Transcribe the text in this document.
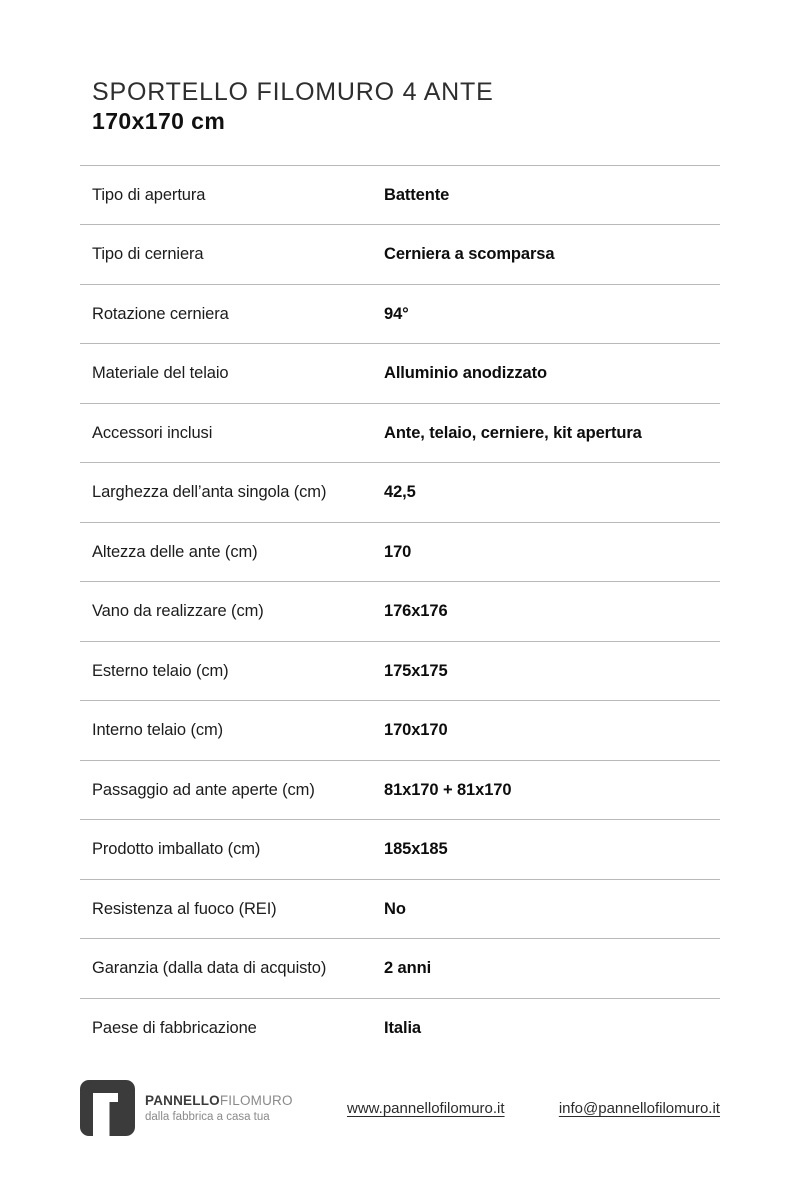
SPORTELLO FILOMURO 4 ANTE
170x170 cm
Tipo di apertura	Battente
Tipo di cerniera	Cerniera a scomparsa
Rotazione cerniera	94°
Materiale del telaio	Alluminio anodizzato
Accessori inclusi	Ante, telaio, cerniere, kit apertura
Larghezza dell’anta singola (cm)	42,5
Altezza delle ante (cm)	170
Vano da realizzare (cm)	176x176
Esterno telaio (cm)	175x175
Interno telaio (cm)	170x170
Passaggio ad ante aperte (cm)	81x170 + 81x170
Prodotto imballato (cm)	185x185
Resistenza al fuoco (REI)	No
Garanzia (dalla data di acquisto)	2 anni
Paese di fabbricazione	Italia
PANNELLOFILOMURO
dalla fabbrica a casa tua	www.pannellofilomuro.it	info@pannellofilomuro.it
